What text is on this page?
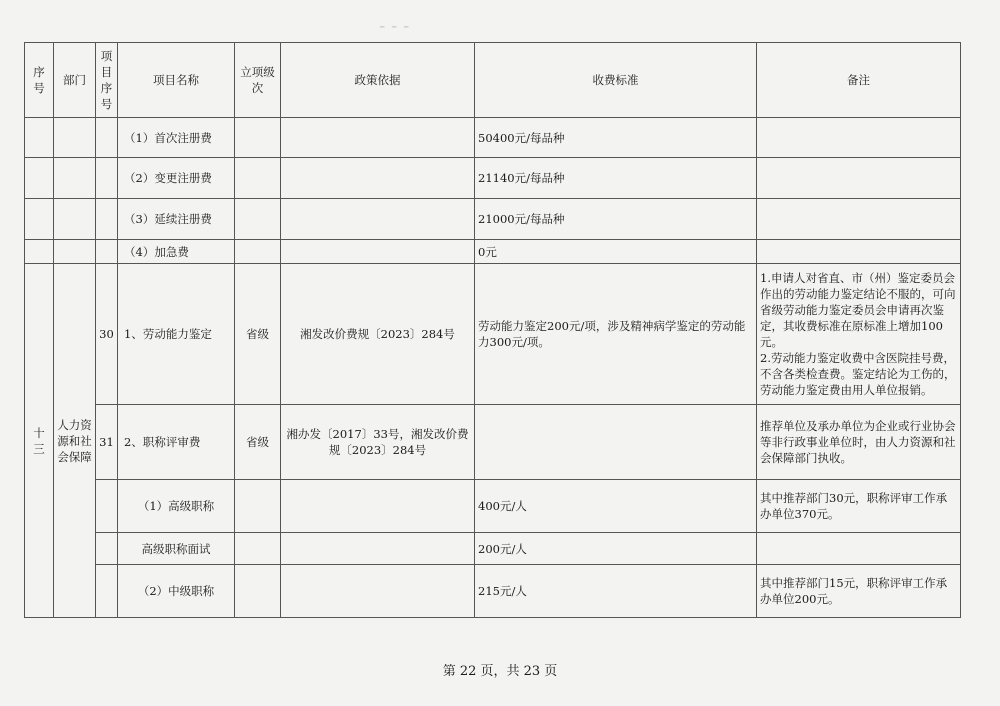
╴╴╴
序号	部门	项目序号	项目名称	立项级次	政策依据	收费标准	备注
			（1）首次注册费			50400元/每品种	
			（2）变更注册费			21140元/每品种	
			（3）延续注册费			21000元/每品种	
			（4）加急费			0元	
十三	人力资源和社会保障	30	1、劳动能力鉴定	省级	湘发改价费规〔2023〕284号	劳动能力鉴定200元/项，涉及精神病学鉴定的劳动能力300元/项。	1.申请人对省直、市（州）鉴定委员会作出的劳动能力鉴定结论不服的，可向省级劳动能力鉴定委员会申请再次鉴定，其收费标准在原标准上增加100元。
2.劳动能力鉴定收费中含医院挂号费，不含各类检查费。鉴定结论为工伤的，劳动能力鉴定费由用人单位报销。
		31	2、职称评审费	省级	湘办发〔2017〕33号，湘发改价费规〔2023〕284号		推荐单位及承办单位为企业或行业协会等非行政事业单位时，由人力资源和社会保障部门执收。
			（1）高级职称			400元/人	其中推荐部门30元，职称评审工作承办单位370元。
			高级职称面试			200元/人	
			（2）中级职称			215元/人	其中推荐部门15元，职称评审工作承办单位200元。
第 22 页，共 23 页
